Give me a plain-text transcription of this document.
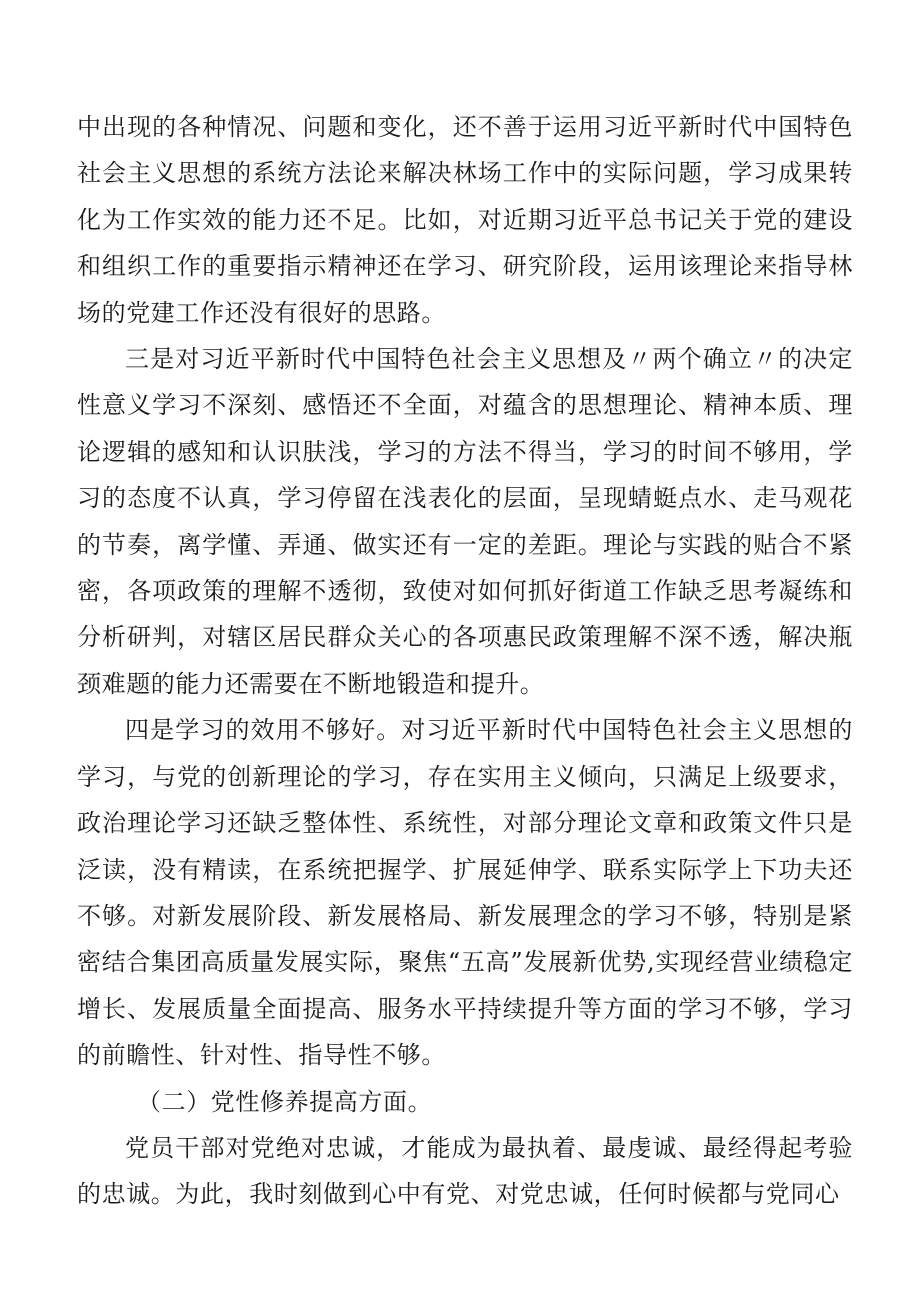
中出现的各种情况、问题和变化，还不善于运用习近平新时代中国特色社会主义思想的系统方法论来解决林场工作中的实际问题，学习成果转化为工作实效的能力还不足。比如，对近期习近平总书记关于党的建设和组织工作的重要指示精神还在学习、研究阶段，运用该理论来指导林场的党建工作还没有很好的思路。

三是对习近平新时代中国特色社会主义思想及〃两个确立〃的决定性意义学习不深刻、感悟还不全面，对蕴含的思想理论、精神本质、理论逻辑的感知和认识肤浅，学习的方法不得当，学习的时间不够用，学习的态度不认真，学习停留在浅表化的层面，呈现蜻蜓点水、走马观花的节奏，离学懂、弄通、做实还有一定的差距。理论与实践的贴合不紧密，各项政策的理解不透彻，致使对如何抓好街道工作缺乏思考凝练和分析研判，对辖区居民群众关心的各项惠民政策理解不深不透，解决瓶颈难题的能力还需要在不断地锻造和提升。

四是学习的效用不够好。对习近平新时代中国特色社会主义思想的学习，与党的创新理论的学习，存在实用主义倾向，只满足上级要求，政治理论学习还缺乏整体性、系统性，对部分理论文章和政策文件只是泛读，没有精读，在系统把握学、扩展延伸学、联系实际学上下功夫还不够。对新发展阶段、新发展格局、新发展理念的学习不够，特别是紧密结合集团高质量发展实际，聚焦“五高”发展新优势,实现经营业绩稳定增长、发展质量全面提高、服务水平持续提升等方面的学习不够，学习的前瞻性、针对性、指导性不够。

（二）党性修养提高方面。

党员干部对党绝对忠诚，才能成为最执着、最虔诚、最经得起考验的忠诚。为此，我时刻做到心中有党、对党忠诚，任何时候都与党同心
